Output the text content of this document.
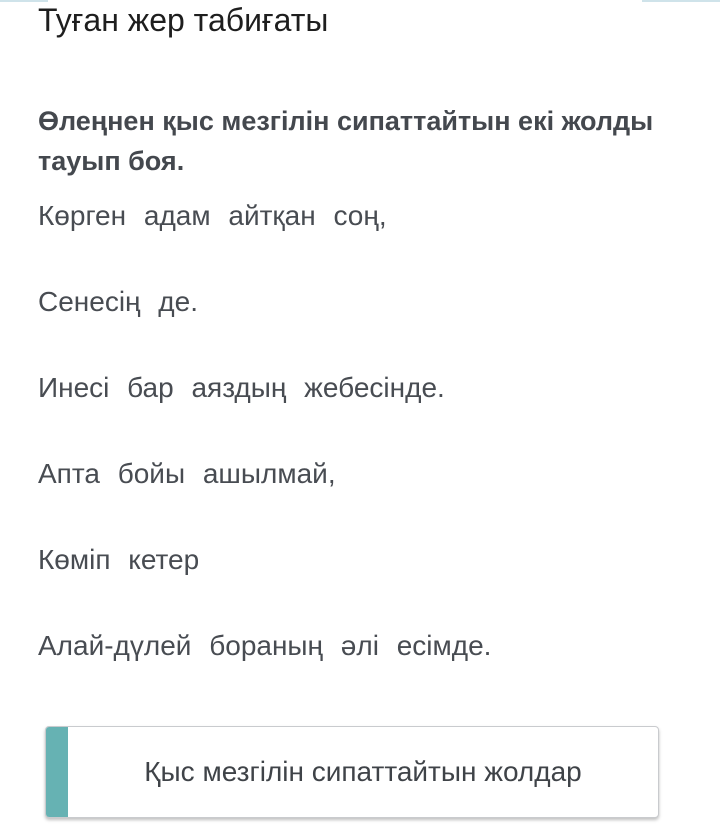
Туған жер табиғаты
Өлеңнен қыс мезгілін сипаттайтын екі жолды тауып боя.
Көрген адам айтқан соң,
Сенесің де.
Инесі бар аяздың жебесінде.
Апта бойы ашылмай,
Көміп кетер
Алай-дүлей бораның әлі есімде.
Қыс мезгілін сипаттайтын жолдар
